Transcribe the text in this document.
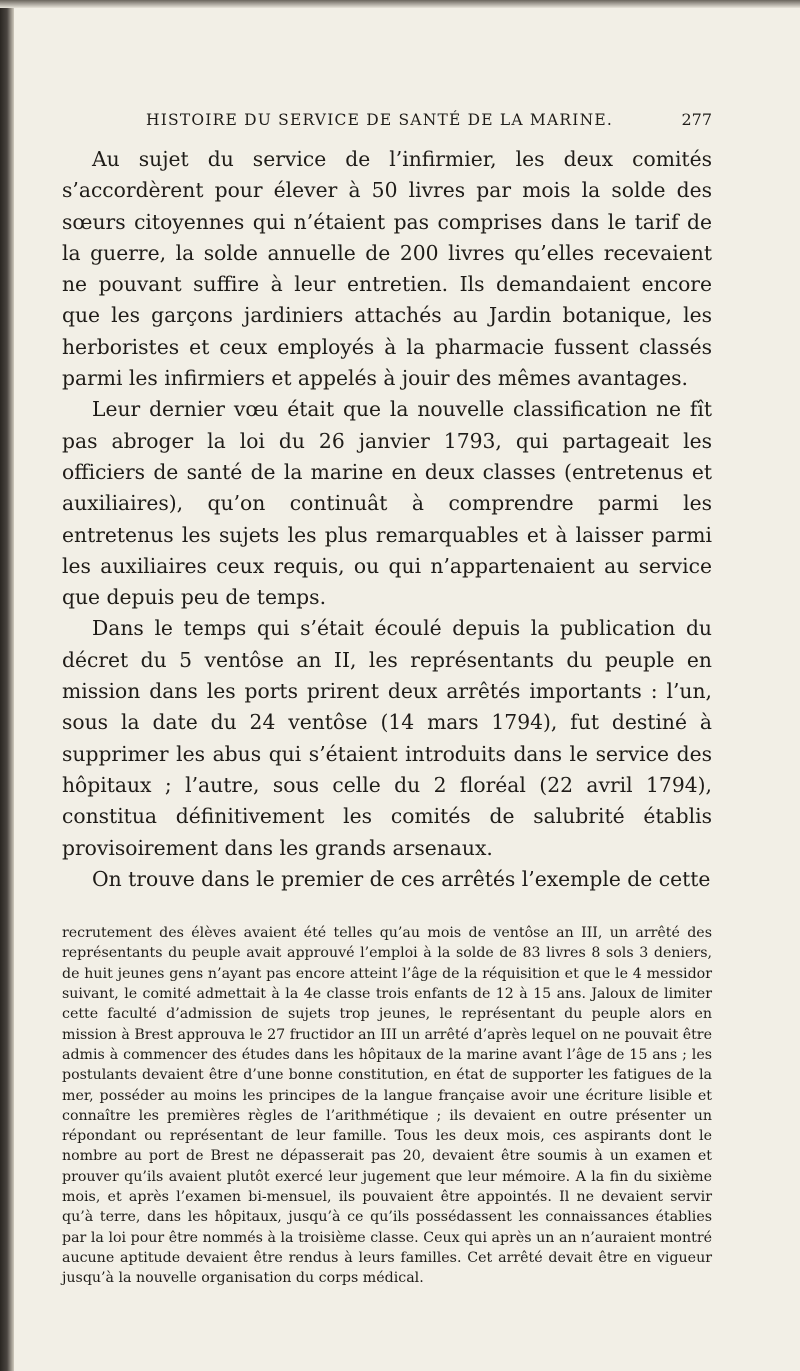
HISTOIRE DU SERVICE DE SANTÉ DE LA MARINE.	277

Au sujet du service de l’infirmier, les deux comités s’accordèrent pour élever à 50 livres par mois la solde des sœurs citoyennes qui n’étaient pas comprises dans le tarif de la guerre, la solde annuelle de 200 livres qu’elles recevaient ne pouvant suffire à leur entretien. Ils demandaient encore que les garçons jardiniers attachés au Jardin botanique, les herboristes et ceux employés à la pharmacie fussent classés parmi les infirmiers et appelés à jouir des mêmes avantages.

Leur dernier vœu était que la nouvelle classification ne fît pas abroger la loi du 26 janvier 1793, qui partageait les officiers de santé de la marine en deux classes (entretenus et auxiliaires), qu’on continuât à comprendre parmi les entretenus les sujets les plus remarquables et à laisser parmi les auxiliaires ceux requis, ou qui n’appartenaient au service que depuis peu de temps.

Dans le temps qui s’était écoulé depuis la publication du décret du 5 ventôse an II, les représentants du peuple en mission dans les ports prirent deux arrêtés importants : l’un, sous la date du 24 ventôse (14 mars 1794), fut destiné à supprimer les abus qui s’étaient introduits dans le service des hôpitaux ; l’autre, sous celle du 2 floréal (22 avril 1794), constitua définitivement les comités de salubrité établis provisoirement dans les grands arsenaux.

On trouve dans le premier de ces arrêtés l’exemple de cette

recrutement des élèves avaient été telles qu’au mois de ventôse an III, un arrêté des représentants du peuple avait approuvé l’emploi à la solde de 83 livres 8 sols 3 deniers, de huit jeunes gens n’ayant pas encore atteint l’âge de la réquisition et que le 4 messidor suivant, le comité admettait à la 4e classe trois enfants de 12 à 15 ans. Jaloux de limiter cette faculté d’admission de sujets trop jeunes, le représentant du peuple alors en mission à Brest approuva le 27 fructidor an III un arrêté d’après lequel on ne pouvait être admis à commencer des études dans les hôpitaux de la marine avant l’âge de 15 ans ; les postulants devaient être d’une bonne constitution, en état de supporter les fatigues de la mer, posséder au moins les principes de la langue française avoir une écriture lisible et connaître les premières règles de l’arithmétique ; ils devaient en outre présenter un répondant ou représentant de leur famille. Tous les deux mois, ces aspirants dont le nombre au port de Brest ne dépasserait pas 20, devaient être soumis à un examen et prouver qu’ils avaient plutôt exercé leur jugement que leur mémoire. A la fin du sixième mois, et après l’examen bi-mensuel, ils pouvaient être appointés. Il ne devaient servir qu’à terre, dans les hôpitaux, jusqu’à ce qu’ils possédassent les connaissances établies par la loi pour être nommés à la troisième classe. Ceux qui après un an n’auraient montré aucune aptitude devaient être rendus à leurs familles. Cet arrêté devait être en vigueur jusqu’à la nouvelle organisation du corps médical.
